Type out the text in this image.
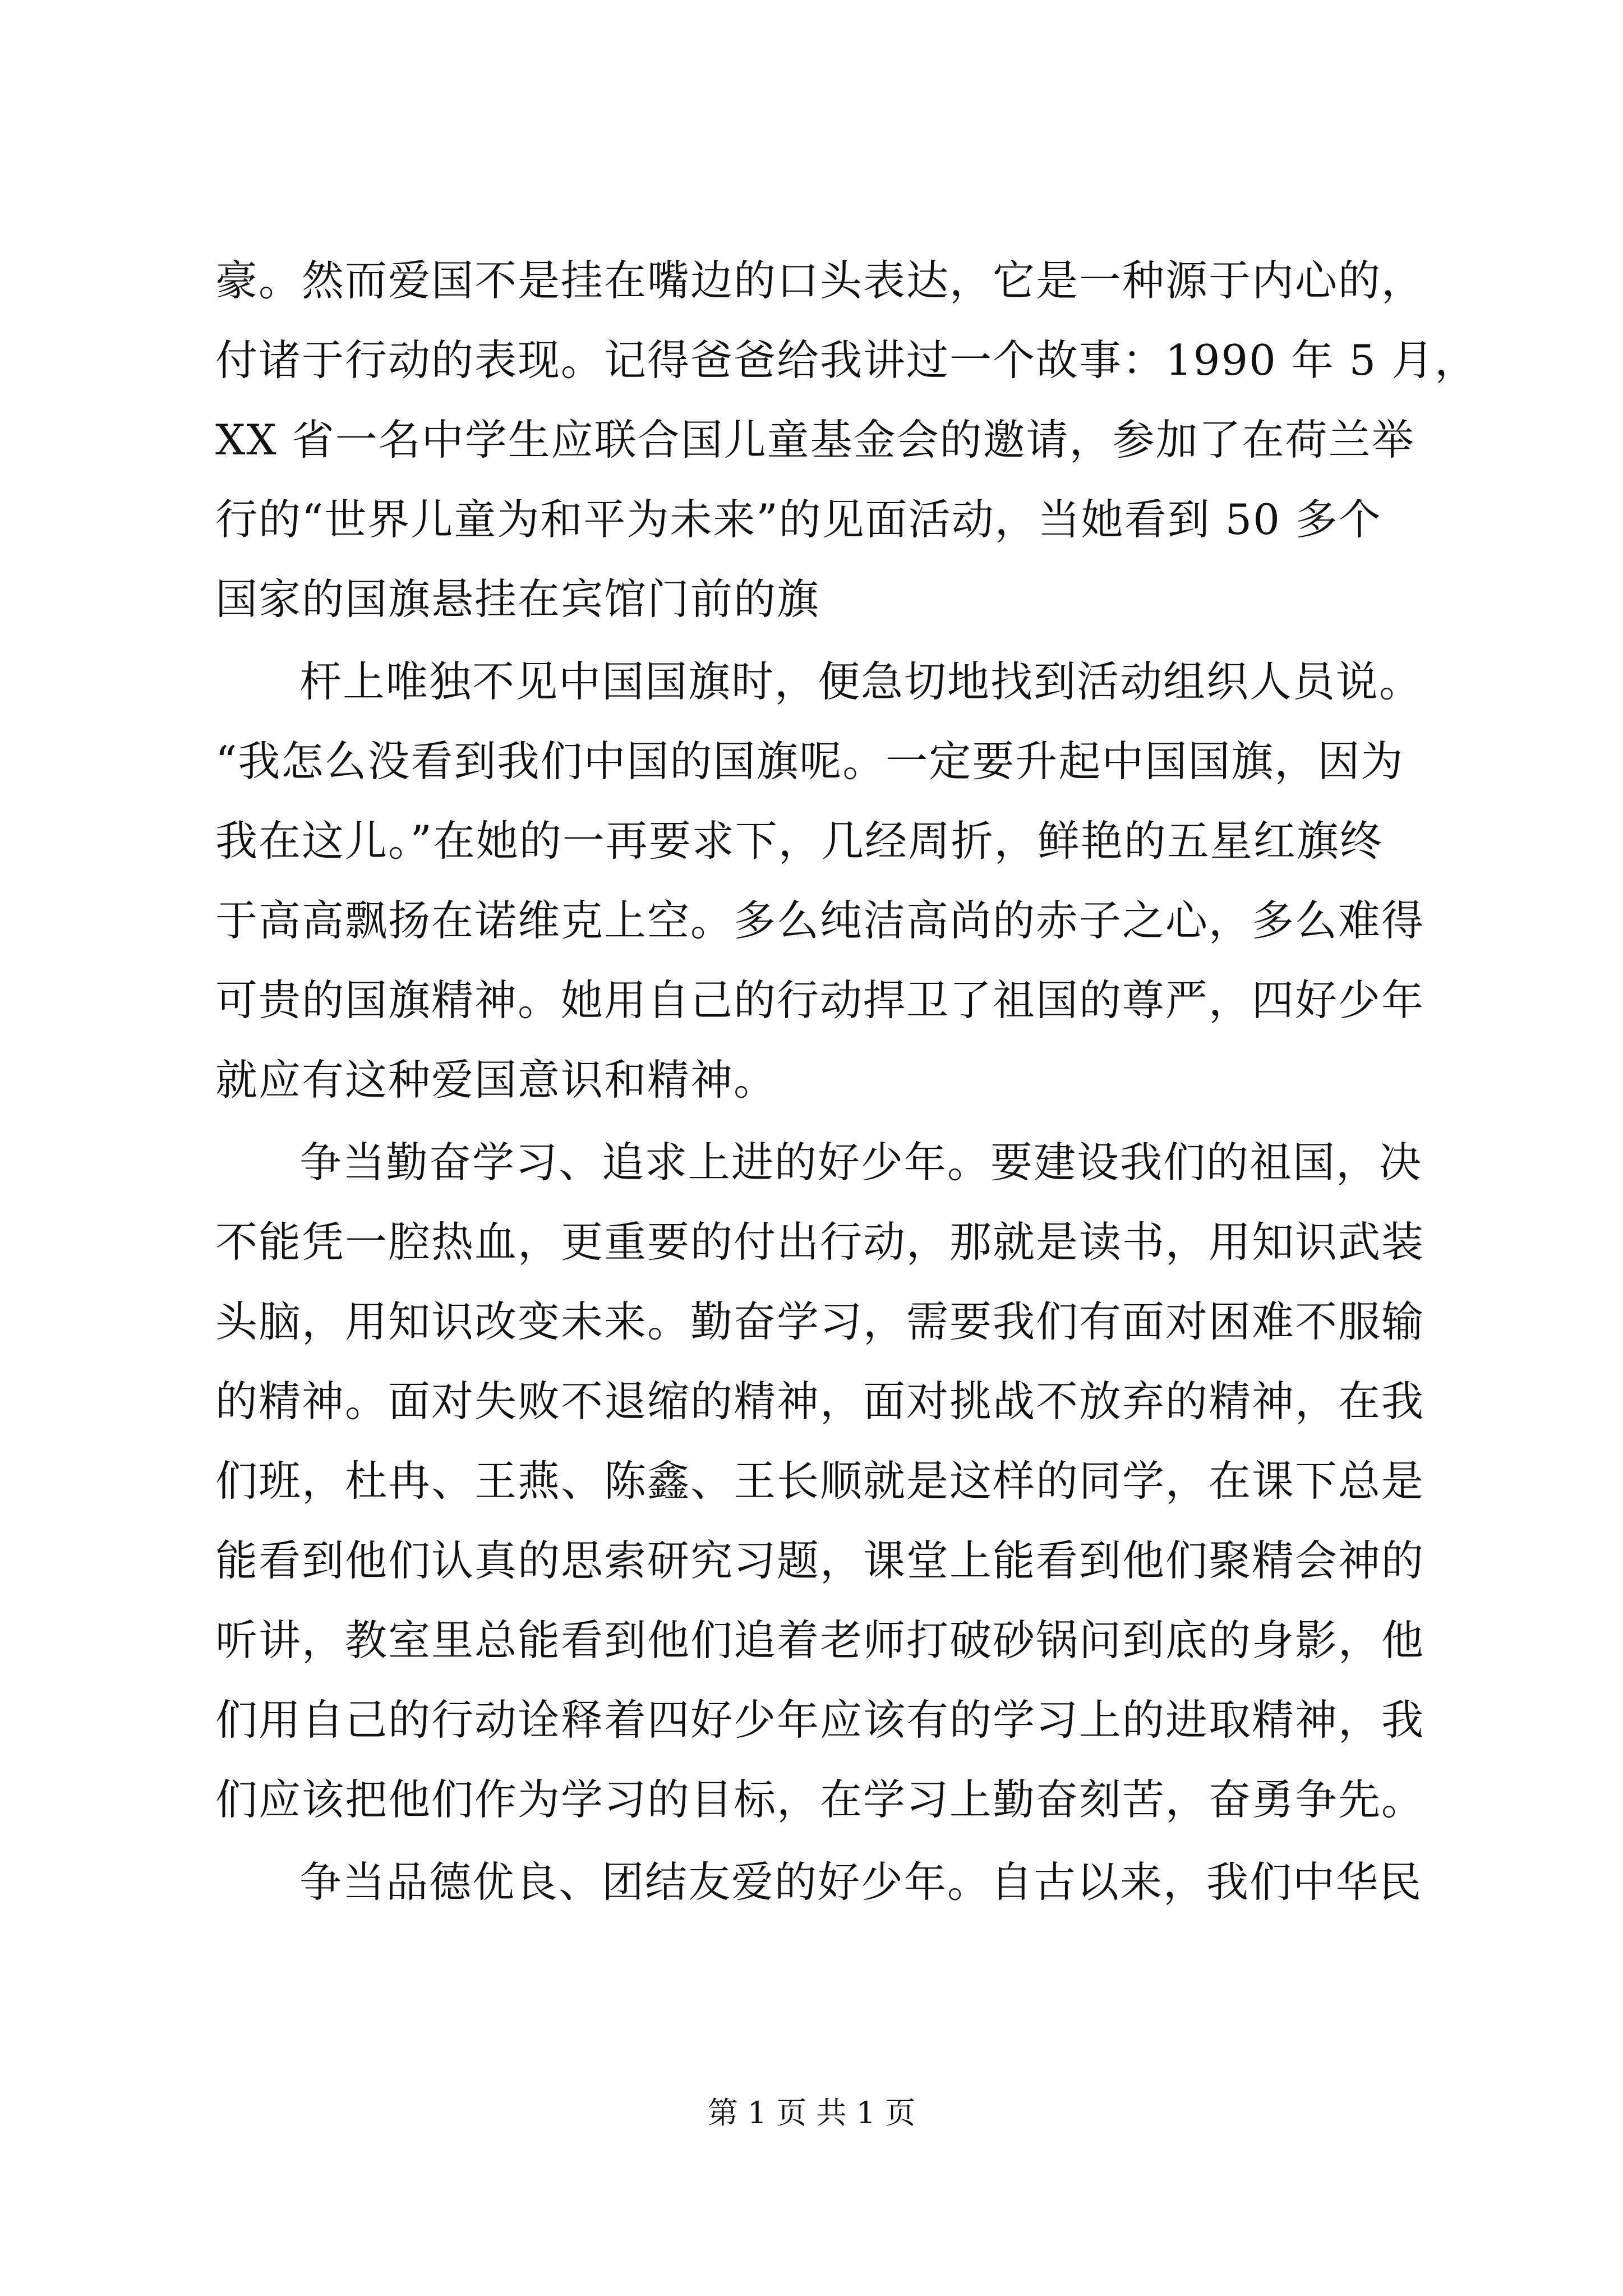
豪。然而爱国不是挂在嘴边的口头表达，它是一种源于内心的，
付诸于行动的表现。记得爸爸给我讲过一个故事：1990 年 5 月，
XX 省一名中学生应联合国儿童基金会的邀请，参加了在荷兰举
行的“世界儿童为和平为未来”的见面活动，当她看到 50 多个
国家的国旗悬挂在宾馆门前的旗
杆上唯独不见中国国旗时，便急切地找到活动组织人员说。
“我怎么没看到我们中国的国旗呢。一定要升起中国国旗，因为
我在这儿。”在她的一再要求下，几经周折，鲜艳的五星红旗终
于高高飘扬在诺维克上空。多么纯洁高尚的赤子之心，多么难得
可贵的国旗精神。她用自己的行动捍卫了祖国的尊严，四好少年
就应有这种爱国意识和精神。
争当勤奋学习、追求上进的好少年。要建设我们的祖国，决
不能凭一腔热血，更重要的付出行动，那就是读书，用知识武装
头脑，用知识改变未来。勤奋学习，需要我们有面对困难不服输
的精神。面对失败不退缩的精神，面对挑战不放弃的精神，在我
们班，杜冉、王燕、陈鑫、王长顺就是这样的同学，在课下总是
能看到他们认真的思索研究习题，课堂上能看到他们聚精会神的
听讲，教室里总能看到他们追着老师打破砂锅问到底的身影，他
们用自己的行动诠释着四好少年应该有的学习上的进取精神，我
们应该把他们作为学习的目标，在学习上勤奋刻苦，奋勇争先。
争当品德优良、团结友爱的好少年。自古以来，我们中华民
第 1 页 共 1 页
